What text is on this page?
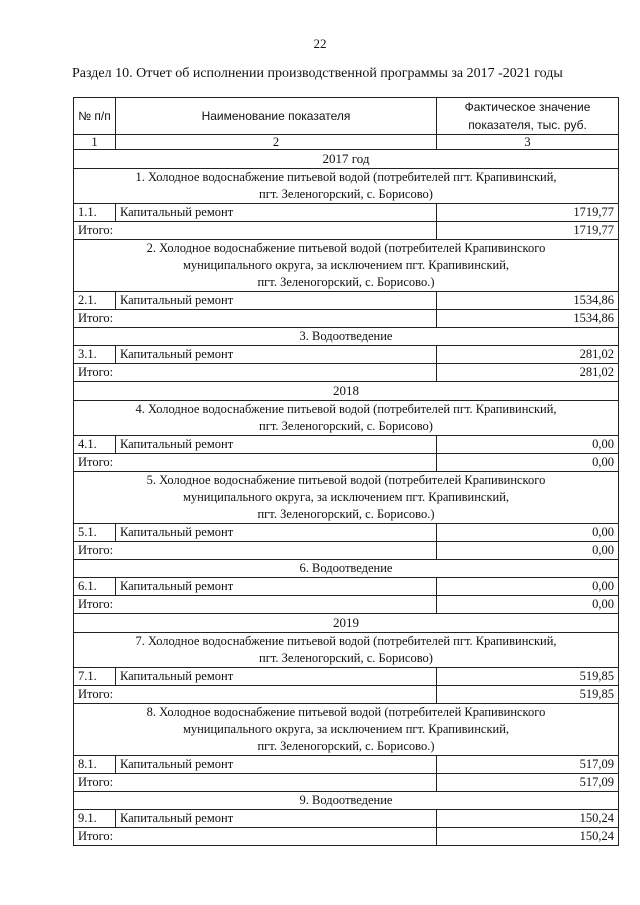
22
Раздел 10. Отчет об исполнении производственной программы за 2017 -2021 годы
№ п/п	Наименование показателя	Фактическое значение показателя, тыс. руб.
1	2	3
2017 год		

1. Холодное водоснабжение питьевой водой (потребителей пгт. Крапивинский,
пгт. Зеленогорский, с. Борисово)		

1.1.	Капитальный ремонт	1719,77
Итого:		1719,77

2. Холодное водоснабжение питьевой водой (потребителей Крапивинского
муниципального округа, за исключением пгт. Крапивинский,
пгт. Зеленогорский, с. Борисово.)		

2.1.	Капитальный ремонт	1534,86
Итого:		1534,86

3. Водоотведение		

3.1.	Капитальный ремонт	281,02
Итого:		281,02
2018		

4. Холодное водоснабжение питьевой водой (потребителей пгт. Крапивинский,
пгт. Зеленогорский, с. Борисово)		

4.1.	Капитальный ремонт	0,00
Итого:		0,00

5. Холодное водоснабжение питьевой водой (потребителей Крапивинского
муниципального округа, за исключением пгт. Крапивинский,
пгт. Зеленогорский, с. Борисово.)		

5.1.	Капитальный ремонт	0,00
Итого:		0,00

6. Водоотведение		

6.1.	Капитальный ремонт	0,00
Итого:		0,00
2019		

7. Холодное водоснабжение питьевой водой (потребителей пгт. Крапивинский,
пгт. Зеленогорский, с. Борисово)		

7.1.	Капитальный ремонт	519,85
Итого:		519,85

8. Холодное водоснабжение питьевой водой (потребителей Крапивинского
муниципального округа, за исключением пгт. Крапивинский,
пгт. Зеленогорский, с. Борисово.)		

8.1.	Капитальный ремонт	517,09
Итого:		517,09

9. Водоотведение		

9.1.	Капитальный ремонт	150,24
Итого:		150,24
